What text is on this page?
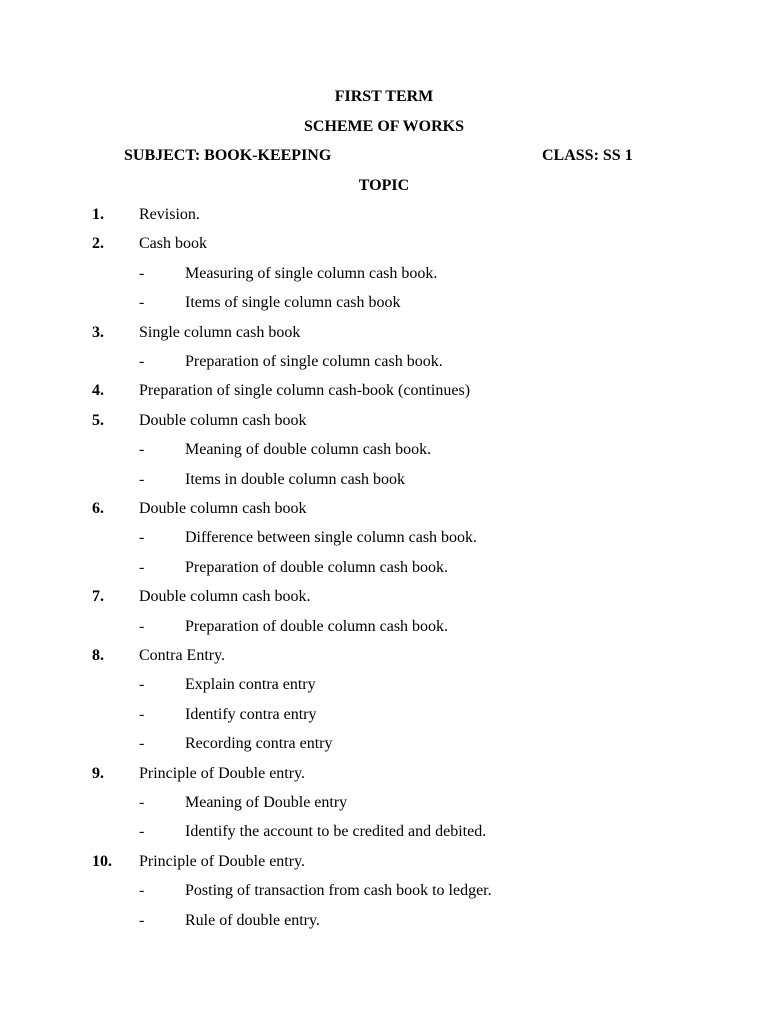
FIRST TERM
SCHEME OF WORKS
SUBJECT: BOOK-KEEPING	CLASS: SS 1
TOPIC
1. Revision.
2. Cash book
-	Measuring of single column cash book.
-	Items of single column cash book
3. Single column cash book
-	Preparation of single column cash book.
4. Preparation of single column cash-book (continues)
5. Double column cash book
-	Meaning of double column cash book.
-	Items in double column cash book
6. Double column cash book
-	Difference between single column cash book.
-	Preparation of double column cash book.
7. Double column cash book.
-	Preparation of double column cash book.
8. Contra Entry.
-	Explain contra entry
-	Identify contra entry
-	Recording contra entry
9. Principle of Double entry.
-	Meaning of Double entry
-	Identify the account to be credited and debited.
10. Principle of Double entry.
-	Posting of transaction from cash book to ledger.
-	Rule of double entry.
